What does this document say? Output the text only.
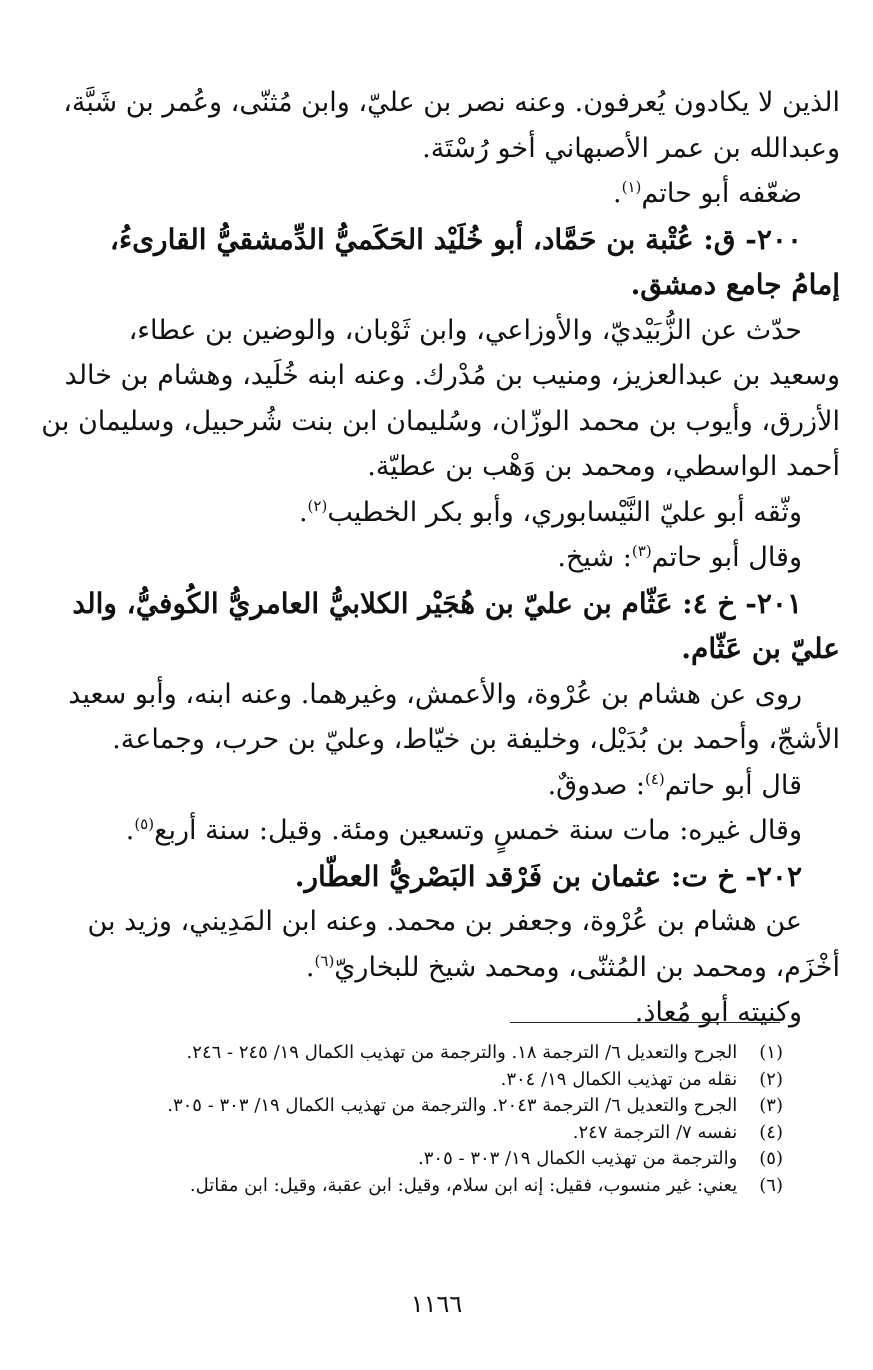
الذين لا يكادون يُعرفون. وعنه نصر بن عليّ، وابن مُثنّى، وعُمر بن شَبَّة،
وعبدالله بن عمر الأصبهاني أخو رُسْتَة.
ضعّفه أبو حاتم$^{(١)}$.
٢٠٠- ق: عُتْبة بن حَمَّاد، أبو خُلَيْد الحَكَميُّ الدِّمشقيُّ القارىءُ،
إمامُ جامع دمشق.
حدّث عن الزُّبَيْديّ، والأوزاعي، وابن ثَوْبان، والوضين بن عطاء،
وسعيد بن عبدالعزيز، ومنيب بن مُدْرك. وعنه ابنه خُلَيد، وهشام بن خالد
الأزرق، وأيوب بن محمد الوزّان، وسُليمان ابن بنت شُرحبيل، وسليمان بن
أحمد الواسطي، ومحمد بن وَهْب بن عطيّة.
وثّقه أبو عليّ النَّيْسابوري، وأبو بكر الخطيب$^{(٢)}$.
وقال أبو حاتم$^{(٣)}$: شيخ.
٢٠١- خ ٤: عَثّام بن عليّ بن هُجَيْر الكلابيُّ العامريُّ الكُوفيُّ، والد
عليّ بن عَثّام.
روى عن هشام بن عُرْوة، والأعمش، وغيرهما. وعنه ابنه، وأبو سعيد
الأشجّ، وأحمد بن بُدَيْل، وخليفة بن خيّاط، وعليّ بن حرب، وجماعة.
قال أبو حاتم$^{(٤)}$: صدوقٌ.
وقال غيره: مات سنة خمسٍ وتسعين ومئة. وقيل: سنة أربع$^{(٥)}$.
٢٠٢- خ ت: عثمان بن فَرْقد البَصْريُّ العطّار.
عن هشام بن عُرْوة، وجعفر بن محمد. وعنه ابن المَدِيني، وزيد بن
أخْزَم، ومحمد بن المُثنّى، ومحمد شيخ للبخاريّ$^{(٦)}$.
وكنيته أبو مُعاذ.
(١) الجرح والتعديل ٦/ الترجمة ١٨. والترجمة من تهذيب الكمال ١٩/ ٢٤٥ - ٢٤٦.
(٢) نقله من تهذيب الكمال ١٩/ ٣٠٤.
(٣) الجرح والتعديل ٦/ الترجمة ٢٠٤٣. والترجمة من تهذيب الكمال ١٩/ ٣٠٣ - ٣٠٥.
(٤) نفسه ٧/ الترجمة ٢٤٧.
(٥) والترجمة من تهذيب الكمال ١٩/ ٣٠٣ - ٣٠٥.
(٦) يعني: غير منسوب، فقيل: إنه ابن سلام، وقيل: ابن عقبة، وقيل: ابن مقاتل.
١١٦٦
